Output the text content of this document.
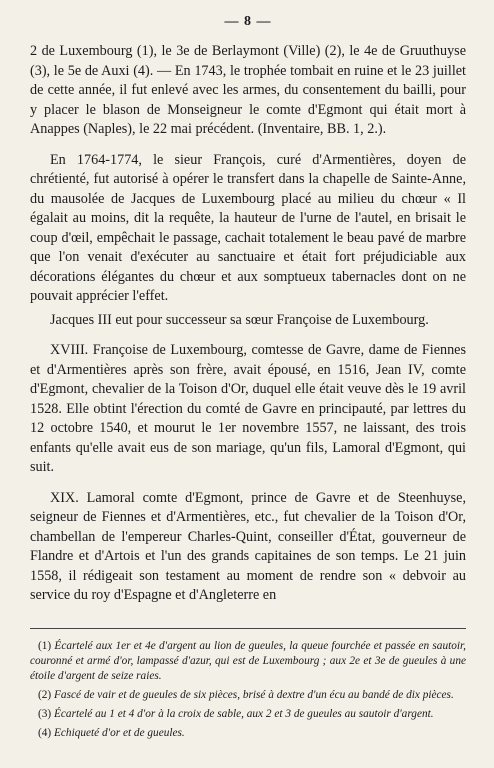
— 8 —

2 de Luxembourg (1), le 3e de Berlaymont (Ville) (2), le 4e de Gruuthuyse (3), le 5e de Auxi (4). — En 1743, le trophée tombait en ruine et le 23 juillet de cette année, il fut enlevé avec les armes, du consentement du bailli, pour y placer le blason de Monseigneur le comte d'Egmont qui était mort à Anappes (Naples), le 22 mai précédent. (Inventaire, BB. 1, 2.).

En 1764-1774, le sieur François, curé d'Armentières, doyen de chrétienté, fut autorisé à opérer le transfert dans la chapelle de Sainte-Anne, du mausolée de Jacques de Luxembourg placé au milieu du chœur « Il égalait au moins, dit la requête, la hauteur de l'urne de l'autel, en brisait le coup d'œil, empêchait le passage, cachait totalement le beau pavé de marbre que l'on venait d'exécuter au sanctuaire et était fort préjudiciable aux décorations élégantes du chœur et aux somptueux tabernacles dont on ne pouvait apprécier l'effet.

Jacques III eut pour successeur sa sœur Françoise de Luxembourg.

XVIII. Françoise de Luxembourg, comtesse de Gavre, dame de Fiennes et d'Armentières après son frère, avait épousé, en 1516, Jean IV, comte d'Egmont, chevalier de la Toison d'Or, duquel elle était veuve dès le 19 avril 1528. Elle obtint l'érection du comté de Gavre en principauté, par lettres du 12 octobre 1540, et mourut le 1er novembre 1557, ne laissant, des trois enfants qu'elle avait eus de son mariage, qu'un fils, Lamoral d'Egmont, qui suit.

XIX. Lamoral comte d'Egmont, prince de Gavre et de Steenhuyse, seigneur de Fiennes et d'Armentières, etc., fut chevalier de la Toison d'Or, chambellan de l'empereur Charles-Quint, conseiller d'État, gouverneur de Flandre et d'Artois et l'un des grands capitaines de son temps. Le 21 juin 1558, il rédigeait son testament au moment de rendre son « debvoir au service du roy d'Espagne et d'Angleterre en

(1) Écartelé aux 1er et 4e d'argent au lion de gueules, la queue fourchée et passée en sautoir, couronné et armé d'or, lampassé d'azur, qui est de Luxembourg ; aux 2e et 3e de gueules à une étoile d'argent de seize raies.

(2) Fascé de vair et de gueules de six pièces, brisé à dextre d'un écu au bandé de dix pièces.

(3) Écartelé au 1 et 4 d'or à la croix de sable, aux 2 et 3 de gueules au sautoir d'argent.

(4) Echiqueté d'or et de gueules.
